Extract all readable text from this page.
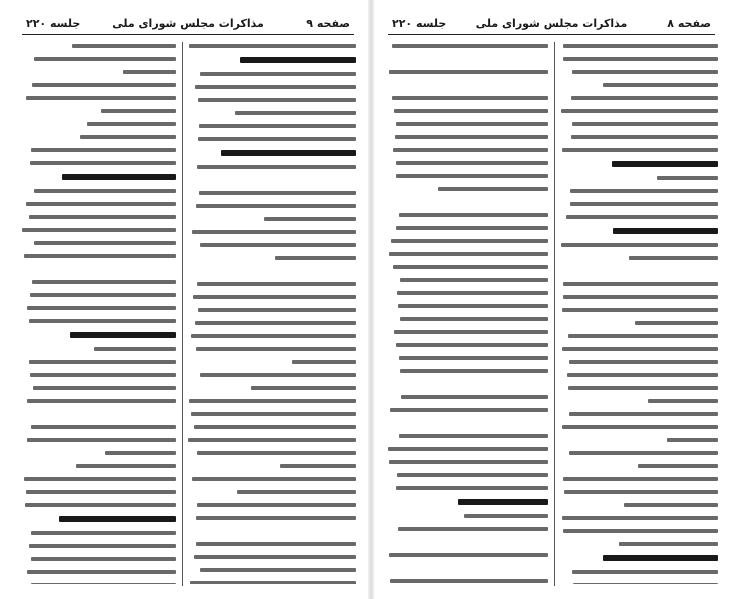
صفحه ۹
مذاکرات مجلس شورای ملی
جلسه ۲۲۰	صفحه ۸
مذاکرات مجلس شورای ملی
جلسه ۲۲۰
